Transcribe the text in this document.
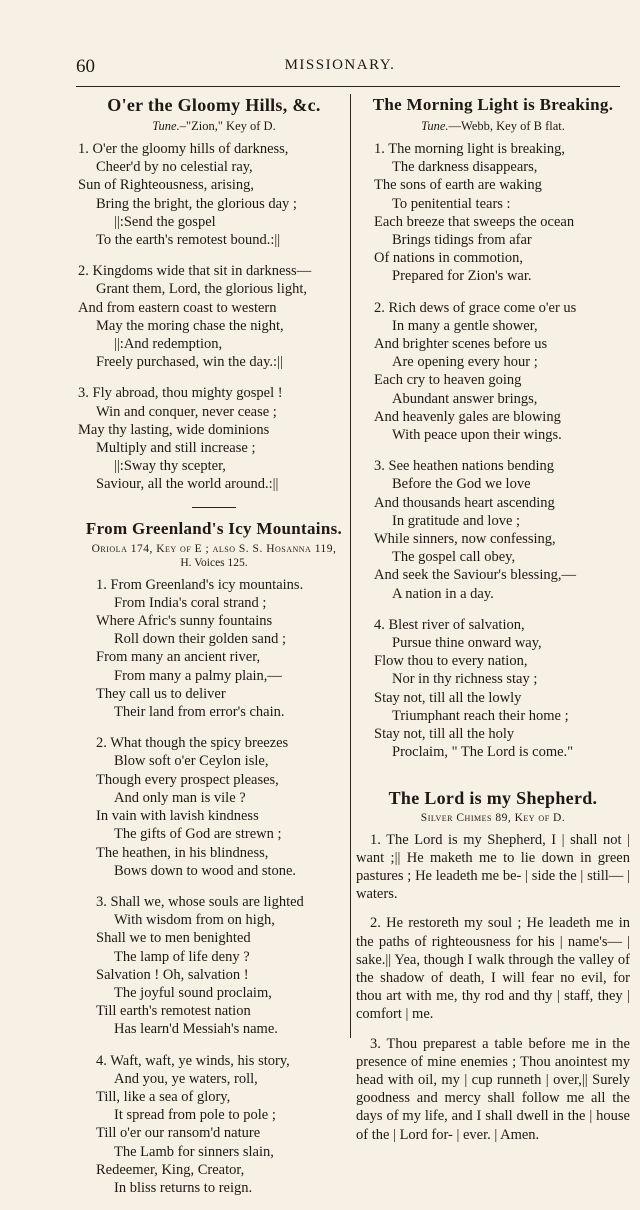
60	MISSIONARY.
O'er the Gloomy Hills, &c.
Tune.–"Zion," Key of D.
1. O'er the gloomy hills of darkness,
Cheer'd by no celestial ray,
Sun of Righteousness, arising,
Bring the bright, the glorious day ;
||:Send the gospel
To the earth's remotest bound.:||
2. Kingdoms wide that sit in darkness—
Grant them, Lord, the glorious light,
And from eastern coast to western
May the moring chase the night,
||:And redemption,
Freely purchased, win the day.:||
3. Fly abroad, thou mighty gospel !
Win and conquer, never cease ;
May thy lasting, wide dominions
Multiply and still increase ;
||:Sway thy scepter,
Saviour, all the world around.:||
From Greenland's Icy Mountains.
Oriola 174, Key of E ; also S. S. Hosanna 119,
H. Voices 125.
1. From Greenland's icy mountains.
From India's coral strand ;
Where Afric's sunny fountains
Roll down their golden sand ;
From many an ancient river,
From many a palmy plain,—
They call us to deliver
Their land from error's chain.
2. What though the spicy breezes
Blow soft o'er Ceylon isle,
Though every prospect pleases,
And only man is vile ?
In vain with lavish kindness
The gifts of God are strewn ;
The heathen, in his blindness,
Bows down to wood and stone.
3. Shall we, whose souls are lighted
With wisdom from on high,
Shall we to men benighted
The lamp of life deny ?
Salvation ! Oh, salvation !
The joyful sound proclaim,
Till earth's remotest nation
Has learn'd Messiah's name.
4. Waft, waft, ye winds, his story,
And you, ye waters, roll,
Till, like a sea of glory,
It spread from pole to pole ;
Till o'er our ransom'd nature
The Lamb for sinners slain,
Redeemer, King, Creator,
In bliss returns to reign.
The Morning Light is Breaking.
Tune.—Webb, Key of B flat.
1. The morning light is breaking,
The darkness disappears,
The sons of earth are waking
To penitential tears :
Each breeze that sweeps the ocean
Brings tidings from afar
Of nations in commotion,
Prepared for Zion's war.
2. Rich dews of grace come o'er us
In many a gentle shower,
And brighter scenes before us
Are opening every hour ;
Each cry to heaven going
Abundant answer brings,
And heavenly gales are blowing
With peace upon their wings.
3. See heathen nations bending
Before the God we love
And thousands heart ascending
In gratitude and love ;
While sinners, now confessing,
The gospel call obey,
And seek the Saviour's blessing,—
A nation in a day.
4. Blest river of salvation,
Pursue thine onward way,
Flow thou to every nation,
Nor in thy richness stay ;
Stay not, till all the lowly
Triumphant reach their home ;
Stay not, till all the holy
Proclaim, " The Lord is come."
The Lord is my Shepherd.
Silver Chimes 89, Key of D.

1. The Lord is my Shepherd, I | shall not | want ;|| He maketh me to lie down in green pastures ; He leadeth me be- | side the | still— | waters.

2. He restoreth my soul ; He leadeth me in the paths of righteousness for his | name's— | sake.|| Yea, though I walk through the valley of the shadow of death, I will fear no evil, for thou art with me, thy rod and thy | staff, they | comfort | me.

3. Thou preparest a table before me in the presence of mine enemies ; Thou anointest my head with oil, my | cup runneth | over,|| Surely goodness and mercy shall follow me all the days of my life, and I shall dwell in the | house of the | Lord for- | ever. | Amen.
